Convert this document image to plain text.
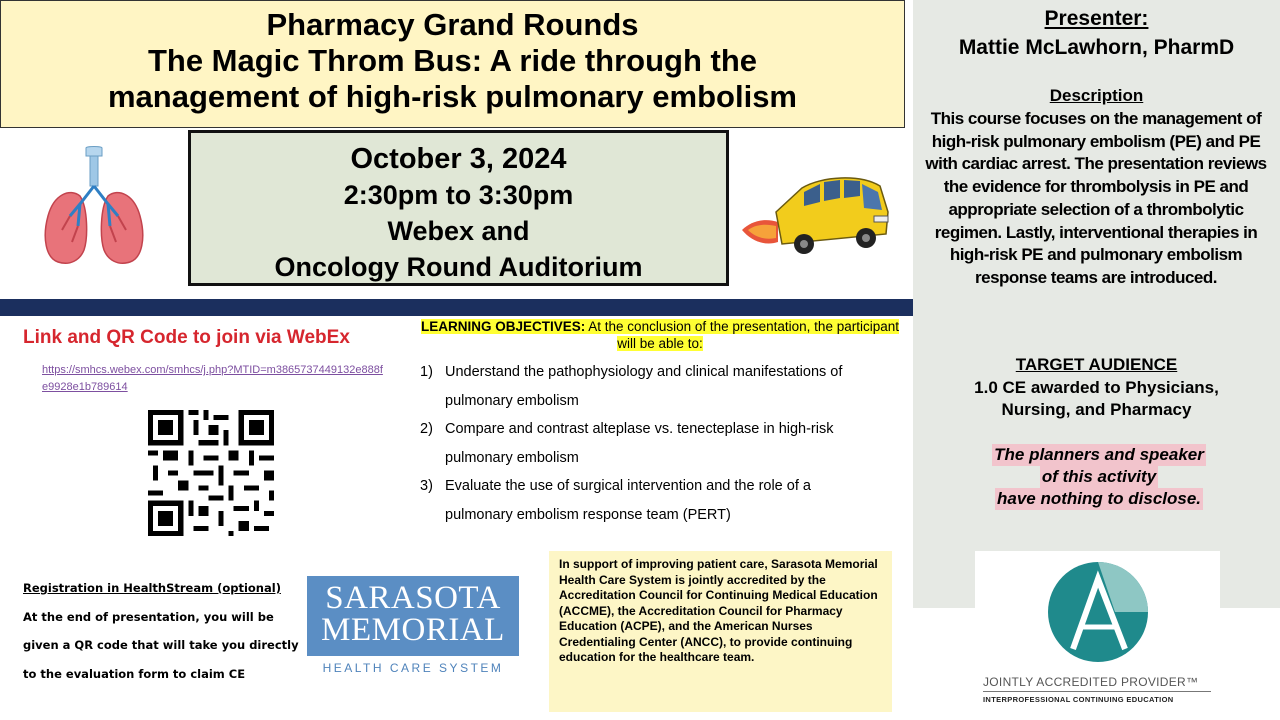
Pharmacy Grand Rounds
The Magic Throm Bus: A ride through the
management of high-risk pulmonary embolism
October 3, 2024
2:30pm to 3:30pm
Webex and
Oncology Round Auditorium
Link and QR Code to join via WebEx
https://smhcs.webex.com/smhcs/j.php?MTID=m3865737449132e888fe9928e1b789614
LEARNING OBJECTIVES: At the conclusion of the presentation, the participant will be able to:
1) Understand the pathophysiology and clinical manifestations of
pulmonary embolism
2) Compare and contrast alteplase vs. tenecteplase in high-risk
pulmonary embolism
3) Evaluate the use of surgical intervention and the role of a
pulmonary embolism response team (PERT)
Registration in HealthStream (optional)
At the end of presentation, you will be
given a QR code that will take you directly
to the evaluation form to claim CE
SARASOTA
MEMORIAL
HEALTH CARE SYSTEM
In support of improving patient care, Sarasota Memorial Health Care System is jointly accredited by the Accreditation Council for Continuing Medical Education (ACCME), the Accreditation Council for Pharmacy Education (ACPE), and the American Nurses Credentialing Center (ANCC), to provide continuing education for the healthcare team.
Presenter:
Mattie McLawhorn, PharmD
Description
This course focuses on the management of high-risk pulmonary embolism (PE) and PE with cardiac arrest. The presentation reviews the evidence for thrombolysis in PE and appropriate selection of a thrombolytic regimen. Lastly, interventional therapies in high-risk PE and pulmonary embolism response teams are introduced.
TARGET AUDIENCE
1.0 CE awarded to Physicians,
Nursing, and Pharmacy
The planners and speaker
of this activity
have nothing to disclose.
JOINTLY ACCREDITED PROVIDER™
INTERPROFESSIONAL CONTINUING EDUCATION
